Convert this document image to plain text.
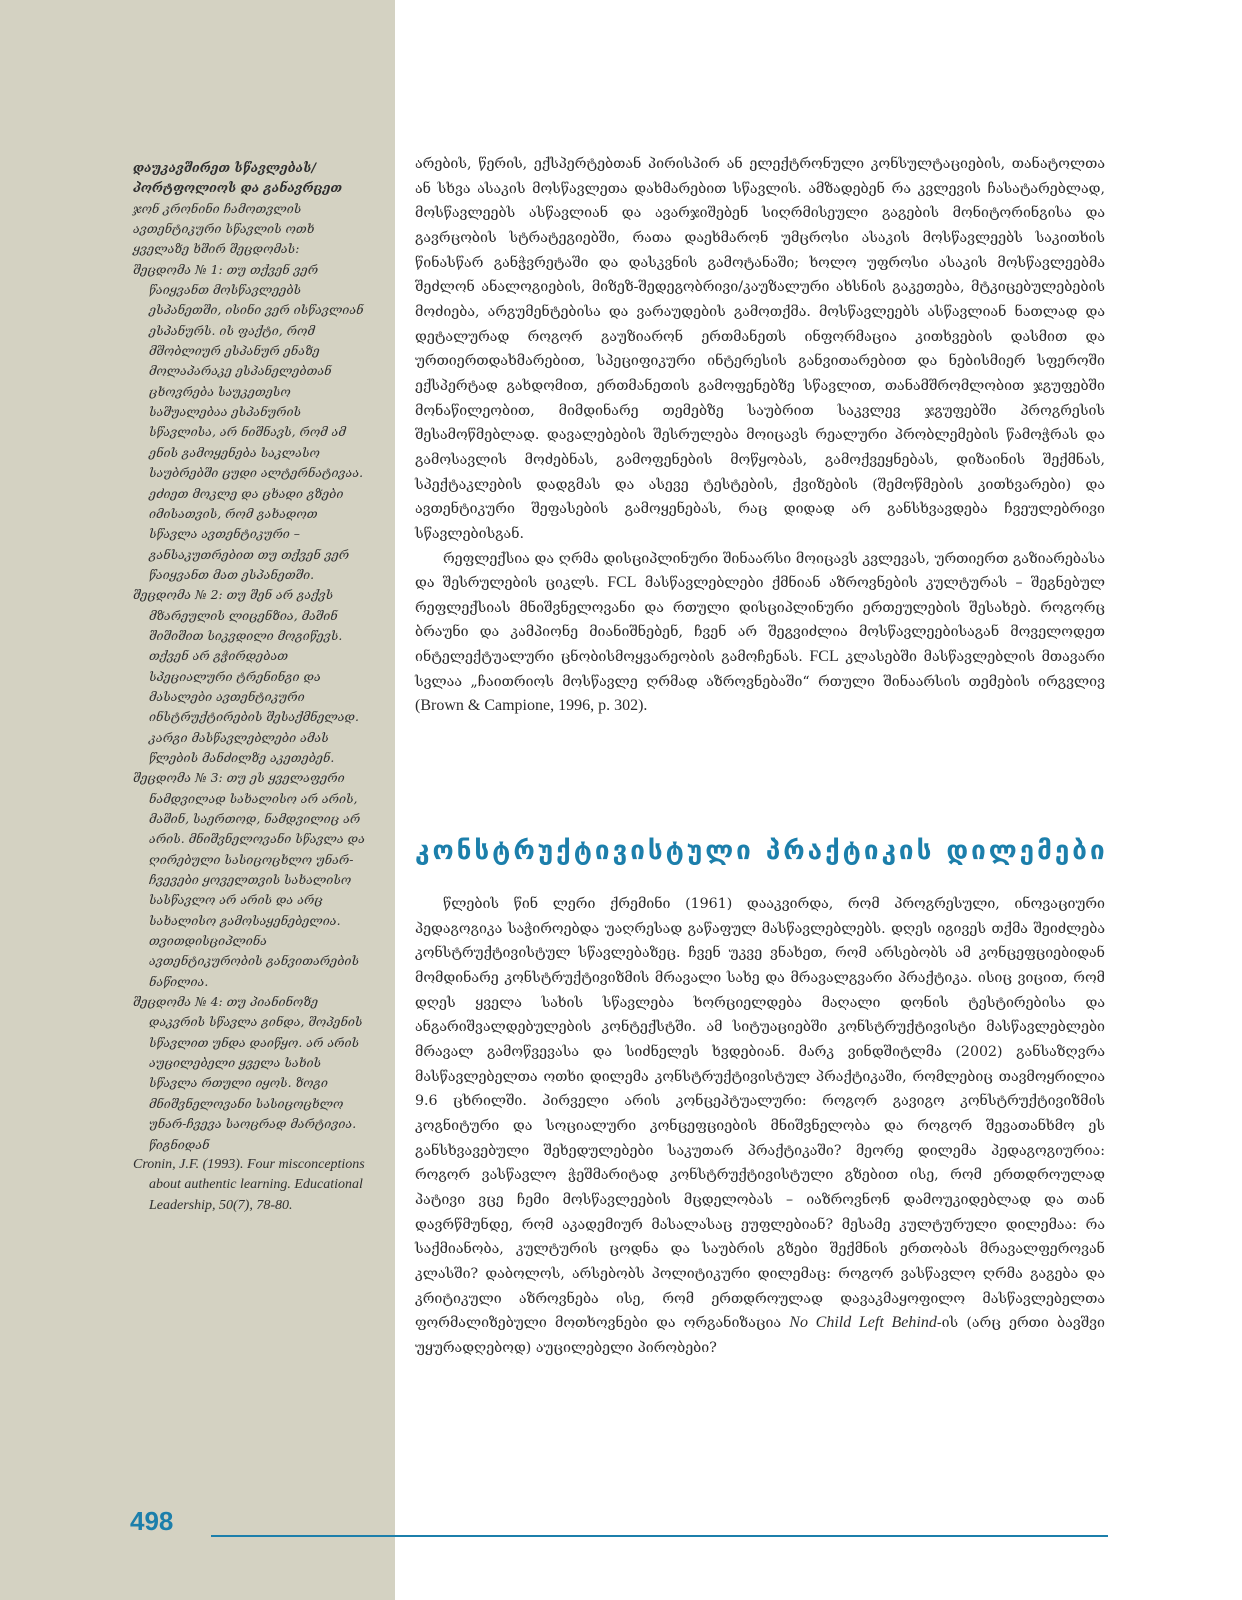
დაუკავშირეთ სწავლებას/ პორტფოლიოს და განავრცეთ
ჯონ კრონინი ჩამოთვლის ავთენტიკური სწავლის ოთხ ყველაზე ხშირ შეცდომას:
შეცდომა № 1: თუ თქვენ ვერ წაიყვანთ მოსწავლეებს ესპანეთში, ისინი ვერ ისწავლიან ესპანურს. ის ფაქტი, რომ მშობლიურ ესპანურ ენაზე მოლაპარაკე ესპანელებთან ცხოვრება საუკეთესო საშუალებაა ესპანურის სწავლისა, არ ნიშნავს, რომ ამ ენის გამოყენება საკლასო საუბრებში ცუდი ალტერნატივაა. ეძიეთ მოკლე და ცხადი გზები იმისათვის, რომ გახადოთ სწავლა ავთენტიკური – განსაკუთრებით თუ თქვენ ვერ წაიყვანთ მათ ესპანეთში.
შეცდომა № 2: თუ შენ არ გაქვს მზარეულის ლიცენზია, მაშინ შიშიშით სიკვდილი მოგიწევს. თქვენ არ გჭირდებათ სპეციალური ტრენინგი და მასალები ავთენტიკური ინსტრუქტირების შესაქმნელად. კარგი მასწავლებლები ამას წლების მანძილზე აკეთებენ.
შეცდომა № 3: თუ ეს ყველაფერი ნამდვილად სახალისო არ არის, მაშინ, საერთოდ, ნამდვილიც არ არის. მნიშვნელოვანი სწავლა და ღირებული სასიცოცხლო უნარ-ჩვევები ყოველთვის სახალისო სასწავლო არ არის და არც სახალისო გამოსაყენებელია. თვითდისციპლინა ავთენტიკურობის განვითარების ნაწილია.
შეცდომა № 4: თუ პიანინოზე დაკვრის სწავლა გინდა, შოპენის სწავლით უნდა დაიწყო. არ არის აუცილებელი ყველა სახის სწავლა რთული იყოს. ზოგი მნიშვნელოვანი სასიცოცხლო უნარ-ჩვევა საოცრად მარტივია. წიგნიდან
Cronin, J.F. (1993). Four misconceptions about authentic learning. Educational Leadership, 50(7), 78-80.

არების, წერის, ექსპერტებთან პირისპირ ან ელექტრონული კონსულტაციების, თანატოლთა ან სხვა ასაკის მოსწავლეთა დახმარებით სწავლის. ამზადებენ რა კვლევის ჩასატარებლად, მოსწავლეებს ასწავლიან და ავარჯიშებენ სიღრმისეული გაგების მონიტორინგისა და გავრცობის სტრატეგიებში, რათა დაეხმარონ უმცროსი ასაკის მოსწავლეებს საკითხის წინასწარ განჭვრეტაში და დასკვნის გამოტანაში; ხოლო უფროსი ასაკის მოსწავლეებმა შეძლონ ანალოგიების, მიზეზ-შედეგობრივი/კაუზალური ახსნის გაკეთება, მტკიცებულებების მოძიება, არგუმენტებისა და ვარაუდების გამოთქმა. მოსწავლეებს ასწავლიან ნათლად და დეტალურად როგორ გაუზიარონ ერთმანეთს ინფორმაცია კითხვების დასმით და ურთიერთდახმარებით, სპეციფიკური ინტერესის განვითარებით და ნებისმიერ სფეროში ექსპერტად გახდომით, ერთმანეთის გამოფენებზე სწავლით, თანამშრომლობით ჯგუფებში მონაწილეობით, მიმდინარე თემებზე საუბრით საკვლევ ჯგუფებში პროგრესის შესამოწმებლად. დავალებების შესრულება მოიცავს რეალური პრობლემების წამოჭრას და გამოსავლის მოძებნას, გამოფენების მოწყობას, გამოქვეყნებას, დიზაინის შექმნას, სპექტაკლების დადგმას და ასევე ტესტების, ქვიზების (შემოწმების კითხვარები) და ავთენტიკური შეფასების გამოყენებას, რაც დიდად არ განსხვავდება ჩვეულებრივი სწავლებისგან.

რეფლექსია და ღრმა დისციპლინური შინაარსი მოიცავს კვლევას, ურთიერთ გაზიარებასა და შესრულების ციკლს. FCL მასწავლებლები ქმნიან აზროვნების კულტურას – შეგნებულ რეფლექსიას მნიშვნელოვანი და რთული დისციპლინური ერთეულების შესახებ. როგორც ბრაუნი და კამპიონე მიანიშნებენ, ჩვენ არ შეგვიძლია მოსწავლეებისაგან მოველოდეთ ინტელექტუალური ცნობისმოყვარეობის გამოჩენას. FCL კლასებში მასწავლებლის მთავარი სვლაა „ჩაითრიოს მოსწავლე ღრმად აზროვნებაში“ რთული შინაარსის თემების ირგვლივ (Brown & Campione, 1996, p. 302).

კონსტრუქტივისტული პრაქტიკის დილემები

წლების წინ ლერი ქრემინი (1961) დააკვირდა, რომ პროგრესული, ინოვაციური პედაგოგიკა საჭიროებდა უაღრესად გაწაფულ მასწავლებლებს. დღეს იგივეს თქმა შეიძლება კონსტრუქტივისტულ სწავლებაზეც. ჩვენ უკვე ვნახეთ, რომ არსებობს ამ კონცეფციებიდან მომდინარე კონსტრუქტივიზმის მრავალი სახე და მრავალგვარი პრაქტიკა. ისიც ვიცით, რომ დღეს ყველა სახის სწავლება ხორციელდება მაღალი დონის ტესტირებისა და ანგარიშვალდებულების კონტექსტში. ამ სიტუაციებში კონსტრუქტივისტი მასწავლებლები მრავალ გამოწვევასა და სიძნელეს ხვდებიან. მარკ ვინდშიტლმა (2002) განსაზღვრა მასწავლებელთა ოთხი დილემა კონსტრუქტივისტულ პრაქტიკაში, რომლებიც თავმოყრილია 9.6 ცხრილში. პირველი არის კონცეპტუალური: როგორ გავიგო კონსტრუქტივიზმის კოგნიტური და სოციალური კონცეფციების მნიშვნელობა და როგორ შევათანხმო ეს განსხვავებული შეხედულებები საკუთარ პრაქტიკაში? მეორე დილემა პედაგოგიურია: როგორ ვასწავლო ჭეშმარიტად კონსტრუქტივისტული გზებით ისე, რომ ერთდროულად პატივი ვცე ჩემი მოსწავლეების მცდელობას – იაზროვნონ დამოუკიდებლად და თან დავრწმუნდე, რომ აკადემიურ მასალასაც ეუფლებიან? მესამე კულტურული დილემაა: რა საქმიანობა, კულტურის ცოდნა და საუბრის გზები შექმნის ერთობას მრავალფეროვან კლასში? დაბოლოს, არსებობს პოლიტიკური დილემაც: როგორ ვასწავლო ღრმა გაგება და კრიტიკული აზროვნება ისე, რომ ერთდროულად დავაკმაყოფილო მასწავლებელთა ფორმალიზებული მოთხოვნები და ორგანიზაცია No Child Left Behind-ის (არც ერთი ბავშვი უყურადღებოდ) აუცილებელი პირობები?

498
